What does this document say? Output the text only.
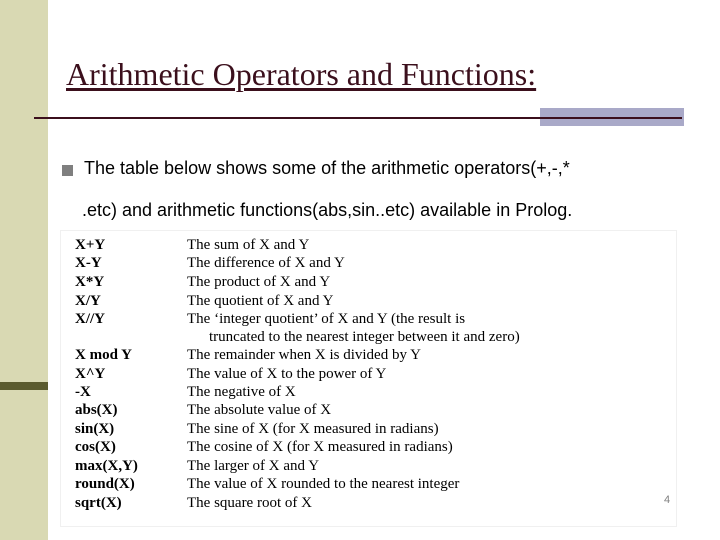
Arithmetic Operators and Functions:
The table below shows some of the arithmetic operators(+,-,*
.etc) and arithmetic functions(abs,sin..etc) available in Prolog.
X+Y	The sum of X and Y
X-Y	The difference of X and Y
X*Y	The product of X and Y
X/Y	The quotient of X and Y
X//Y	The ‘integer quotient’ of X and Y (the result is
truncated to the nearest integer between it and zero)
X mod Y	The remainder when X is divided by Y
X^Y	The value of X to the power of Y
-X	The negative of X
abs(X)	The absolute value of X
sin(X)	The sine of X (for X measured in radians)
cos(X)	The cosine of X (for X measured in radians)
max(X,Y)	The larger of X and Y
round(X)	The value of X rounded to the nearest integer
sqrt(X)	The square root of X	4
